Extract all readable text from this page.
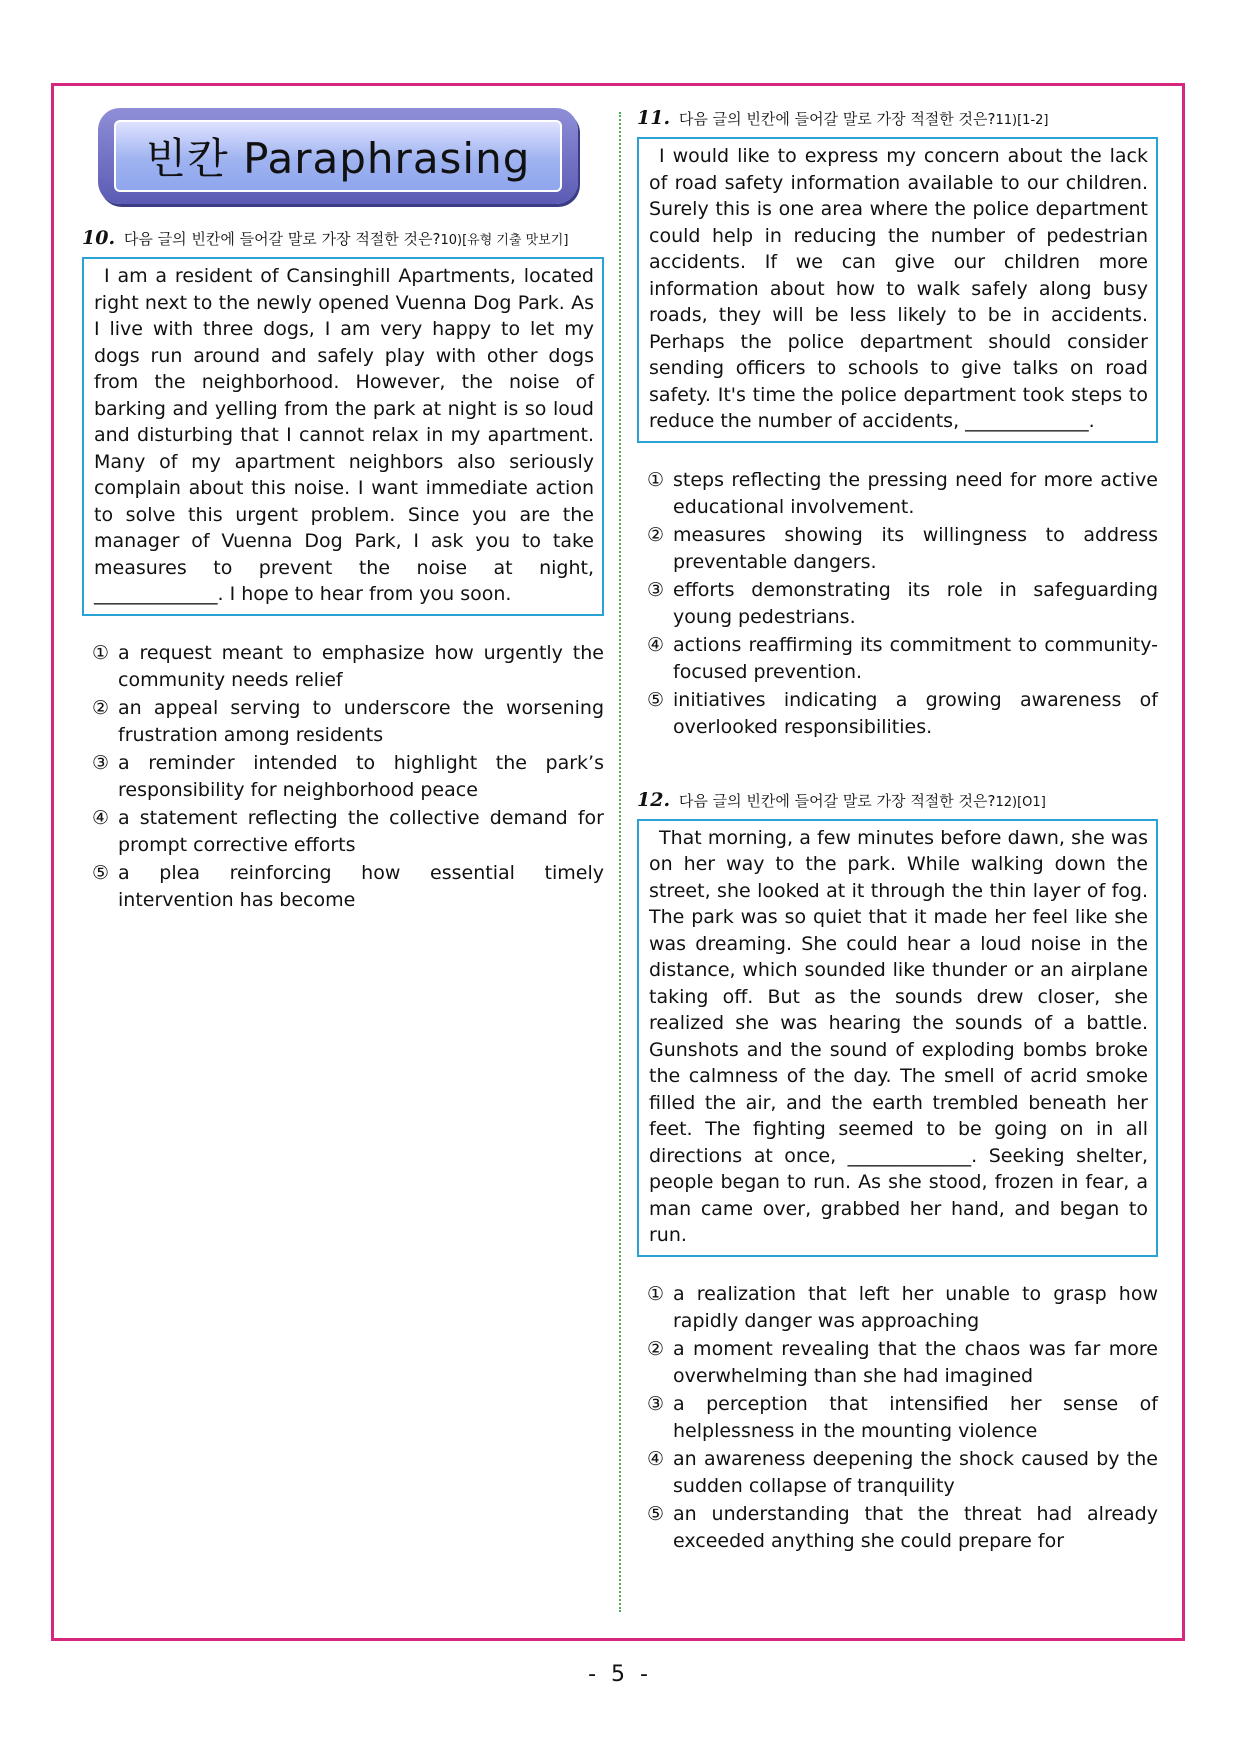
빈칸 Paraphrasing
10. 다음 글의 빈칸에 들어갈 말로 가장 적절한 것은?10)[유형 기출 맛보기]
I am a resident of Cansinghill Apartments, located right next to the newly opened Vuenna Dog Park. As I live with three dogs, I am very happy to let my dogs run around and safely play with other dogs from the neighborhood. However, the noise of barking and yelling from the park at night is so loud and disturbing that I cannot relax in my apartment. Many of my apartment neighbors also seriously complain about this noise. I want immediate action to solve this urgent problem. Since you are the manager of Vuenna Dog Park, I ask you to take measures to prevent the noise at night, _____________. I hope to hear from you soon.
① a request meant to emphasize how urgently the community needs relief
② an appeal serving to underscore the worsening frustration among residents
③ a reminder intended to highlight the park’s responsibility for neighborhood peace
④ a statement reflecting the collective demand for prompt corrective efforts
⑤ a plea reinforcing how essential timely intervention has become
11. 다음 글의 빈칸에 들어갈 말로 가장 적절한 것은?11)[1-2]
I would like to express my concern about the lack of road safety information available to our children. Surely this is one area where the police department could help in reducing the number of pedestrian accidents. If we can give our children more information about how to walk safely along busy roads, they will be less likely to be in accidents. Perhaps the police department should consider sending officers to schools to give talks on road safety. It's time the police department took steps to reduce the number of accidents, _____________.
① steps reflecting the pressing need for more active educational involvement.
② measures showing its willingness to address preventable dangers.
③ efforts demonstrating its role in safeguarding young pedestrians.
④ actions reaffirming its commitment to community-focused prevention.
⑤ initiatives indicating a growing awareness of overlooked responsibilities.
12. 다음 글의 빈칸에 들어갈 말로 가장 적절한 것은?12)[O1]
That morning, a few minutes before dawn, she was on her way to the park. While walking down the street, she looked at it through the thin layer of fog. The park was so quiet that it made her feel like she was dreaming. She could hear a loud noise in the distance, which sounded like thunder or an airplane taking off. But as the sounds drew closer, she realized she was hearing the sounds of a battle. Gunshots and the sound of exploding bombs broke the calmness of the day. The smell of acrid smoke filled the air, and the earth trembled beneath her feet. The fighting seemed to be going on in all directions at once, _____________. Seeking shelter, people began to run. As she stood, frozen in fear, a man came over, grabbed her hand, and began to run.
① a realization that left her unable to grasp how rapidly danger was approaching
② a moment revealing that the chaos was far more overwhelming than she had imagined
③ a perception that intensified her sense of helplessness in the mounting violence
④ an awareness deepening the shock caused by the sudden collapse of tranquility
⑤ an understanding that the threat had already exceeded anything she could prepare for
- 5 -
